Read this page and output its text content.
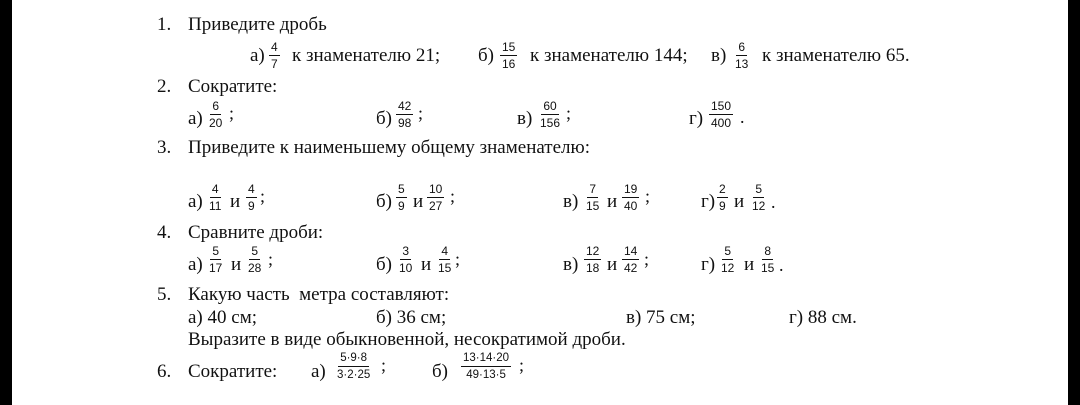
1. Приведите дробь
$а) \frac{4}{7}$ к знаменателю 21; $б) \frac{15}{16}$ к знаменателю 144; $в) \frac{6}{13}$ к знаменателю 65.
2. Сократите:
$а) \frac{6}{20}$ ;	$б) \frac{42}{98}$ ;	$в) \frac{60}{156}$ ;	$г) \frac{150}{400}$ .
3. Приведите к наименьшему общему знаменателю:
$а) \frac{4}{11}$ и $\frac{4}{9}$ ;	$б) \frac{5}{9}$ и $\frac{10}{27}$ ;	$в) \frac{7}{15}$ и $\frac{19}{40}$ ;	$г) \frac{2}{9}$ и $\frac{5}{12}$ .
4. Сравните дроби:
$а) \frac{5}{17}$ и $\frac{5}{28}$ ;	$б) \frac{3}{10}$ и $\frac{4}{15}$ ;	$в) \frac{12}{18}$ и $\frac{14}{42}$ ;	$г) \frac{5}{12}$ и $\frac{8}{15}$ .
5. Какую часть  метра составляют:
а) 40 см;	б) 36 см;	в) 75 см;	г) 88 см.
Выразите в виде обыкновенной, несократимой дроби.
6. Сократите: $а) \frac{5\cdot 9\cdot 8}{3\cdot 2\cdot 25}$ ; $б) \frac{13\cdot 14\cdot 20}{49\cdot 13\cdot 5}$ ;
